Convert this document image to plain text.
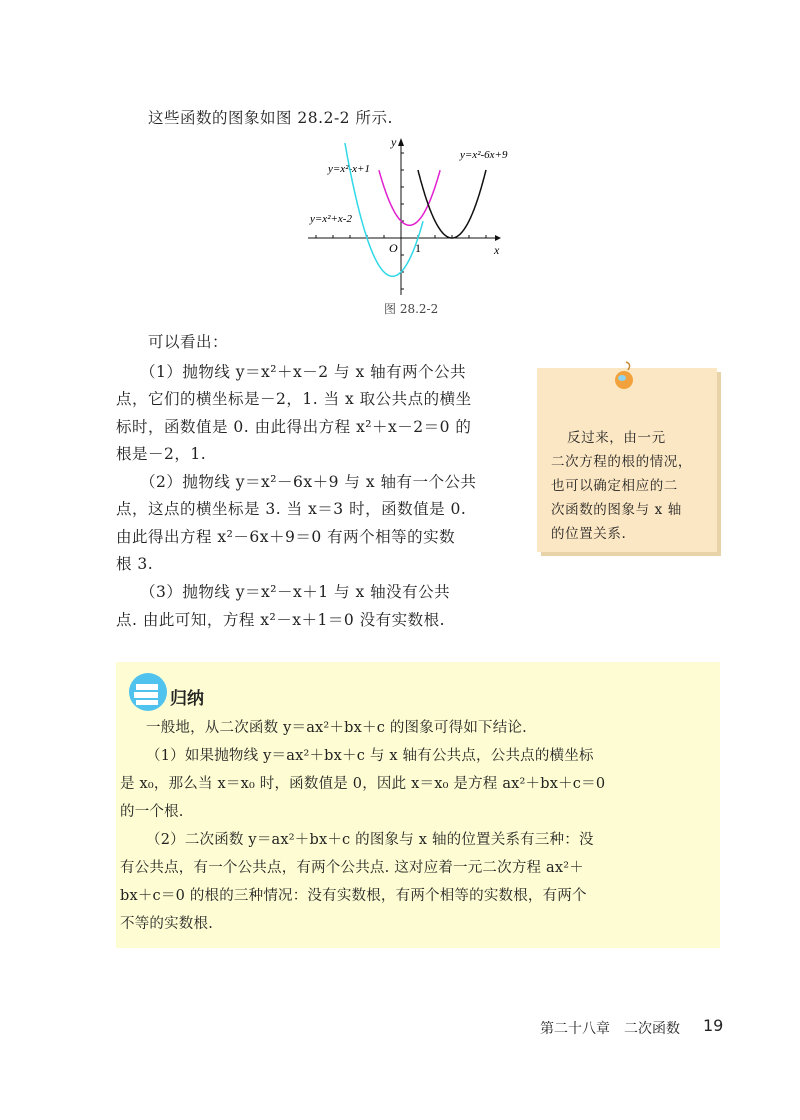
这些函数的图象如图 28.2-2 所示.
x
y
O 1
y=x²-x+1
y=x²+x-2
y=x²-6x+9
图 28.2-2
可以看出：
（1）抛物线 y＝x²＋x－2 与 x 轴有两个公共
点，它们的横坐标是－2，1. 当 x 取公共点的横坐
标时，函数值是 0. 由此得出方程 x²＋x－2＝0 的
根是－2，1.
（2）抛物线 y＝x²－6x＋9 与 x 轴有一个公共
点，这点的横坐标是 3. 当 x＝3 时，函数值是 0.
由此得出方程 x²－6x＋9＝0 有两个相等的实数
根 3.
（3）抛物线 y＝x²－x＋1 与 x 轴没有公共
点. 由此可知，方程 x²－x＋1＝0 没有实数根.
反过来，由一元
二次方程的根的情况，
也可以确定相应的二
次函数的图象与 x 轴
的位置关系.
归纳
一般地，从二次函数 y＝ax²＋bx＋c 的图象可得如下结论.
（1）如果抛物线 y＝ax²＋bx＋c 与 x 轴有公共点，公共点的横坐标
是 x₀，那么当 x＝x₀ 时，函数值是 0，因此 x＝x₀ 是方程 ax²＋bx＋c＝0
的一个根.
（2）二次函数 y＝ax²＋bx＋c 的图象与 x 轴的位置关系有三种：没
有公共点，有一个公共点，有两个公共点. 这对应着一元二次方程 ax²＋
bx＋c＝0 的根的三种情况：没有实数根，有两个相等的实数根，有两个
不等的实数根.
第二十八章　二次函数 19
